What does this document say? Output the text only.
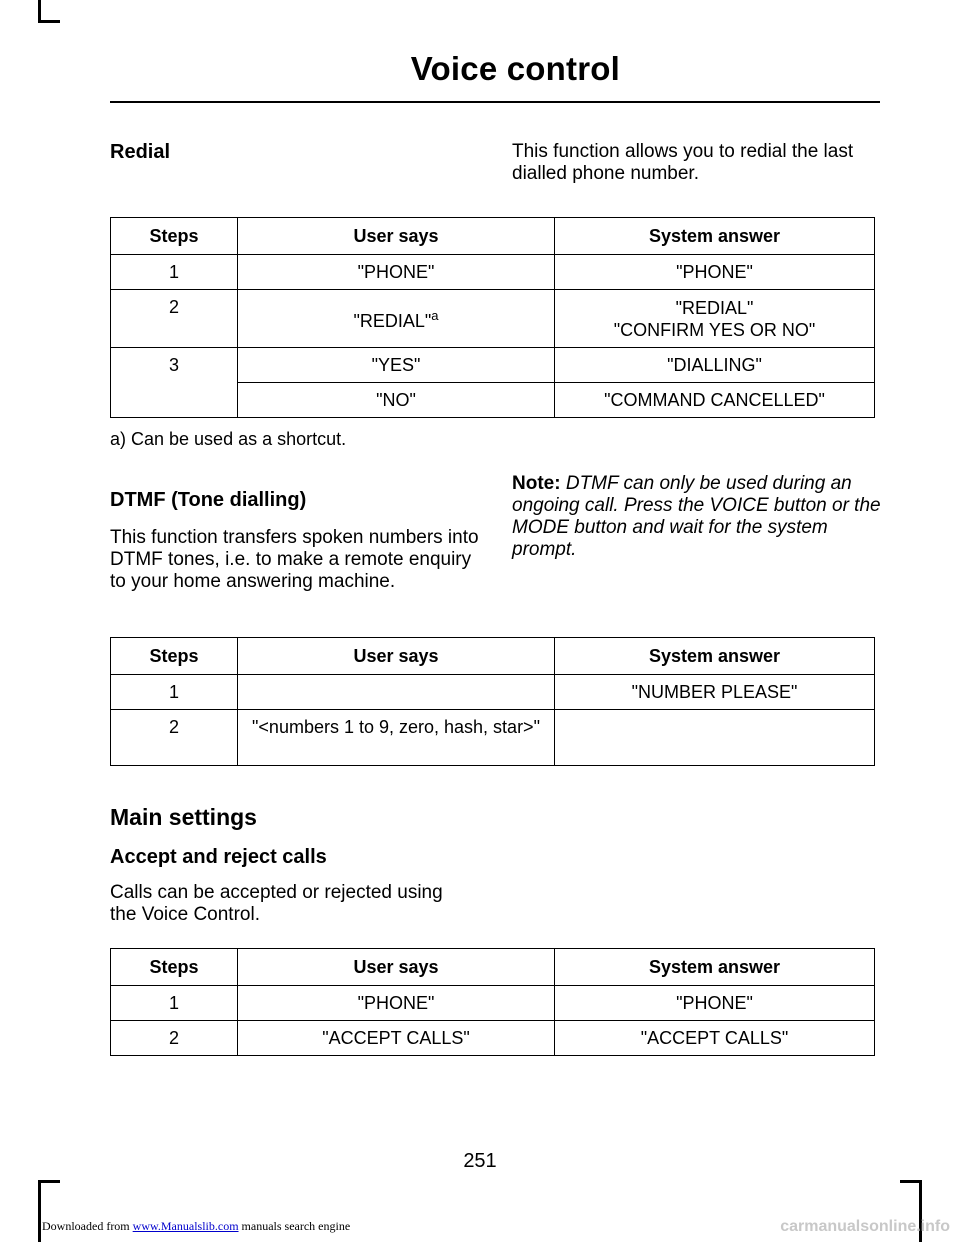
Voice control
Redial	This function allows you to redial the last dialled phone number.
Steps	User says	System answer
1	"PHONE"	"PHONE"
2	"REDIAL"$^a$	"REDIAL"
"CONFIRM YES OR NO"

3	"YES"	"DIALLING"
	"NO"	"COMMAND CANCELLED"
a) Can be used as a shortcut.
DTMF (Tone dialling)
This function transfers spoken numbers into DTMF tones, i.e. to make a remote enquiry to your home answering machine.
Note: DTMF can only be used during an ongoing call. Press the VOICE button or the MODE button and wait for the system prompt.
Steps	User says	System answer
1		"NUMBER PLEASE"
2	"<numbers 1 to 9, zero, hash, star>"	
Main settings
Accept and reject calls
Calls can be accepted or rejected using the Voice Control.
Steps	User says	System answer
1	"PHONE"	"PHONE"
2	"ACCEPT CALLS"	"ACCEPT CALLS"
251
Downloaded from www.Manualslib.com manuals search engine	carmanualsonline.info
